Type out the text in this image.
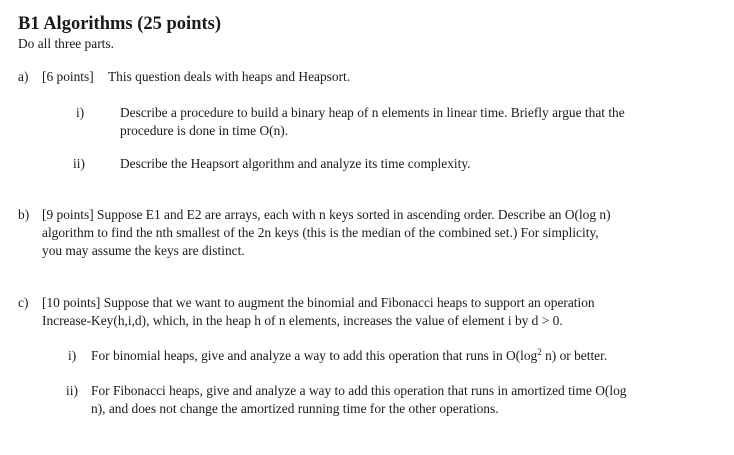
B1 Algorithms (25 points)
Do all three parts.
a) [6 points] This question deals with heaps and Heapsort.
i)	Describe a procedure to build a binary heap of n elements in linear time. Briefly argue that the
procedure is done in time O(n).
ii)	Describe the Heapsort algorithm and analyze its time complexity.
b) [9 points] Suppose E1 and E2 are arrays, each with n keys sorted in ascending order. Describe an O(log n)
algorithm to find the nth smallest of the 2n keys (this is the median of the combined set.) For simplicity,
you may assume the keys are distinct.
c) [10 points] Suppose that we want to augment the binomial and Fibonacci heaps to support an operation
Increase-Key(h,i,d), which, in the heap h of n elements, increases the value of element i by d > 0.
i) For binomial heaps, give and analyze a way to add this operation that runs in $O(\log^2$ n) or better.
ii) For Fibonacci heaps, give and analyze a way to add this operation that runs in amortized time O(log
n), and does not change the amortized running time for the other operations.
